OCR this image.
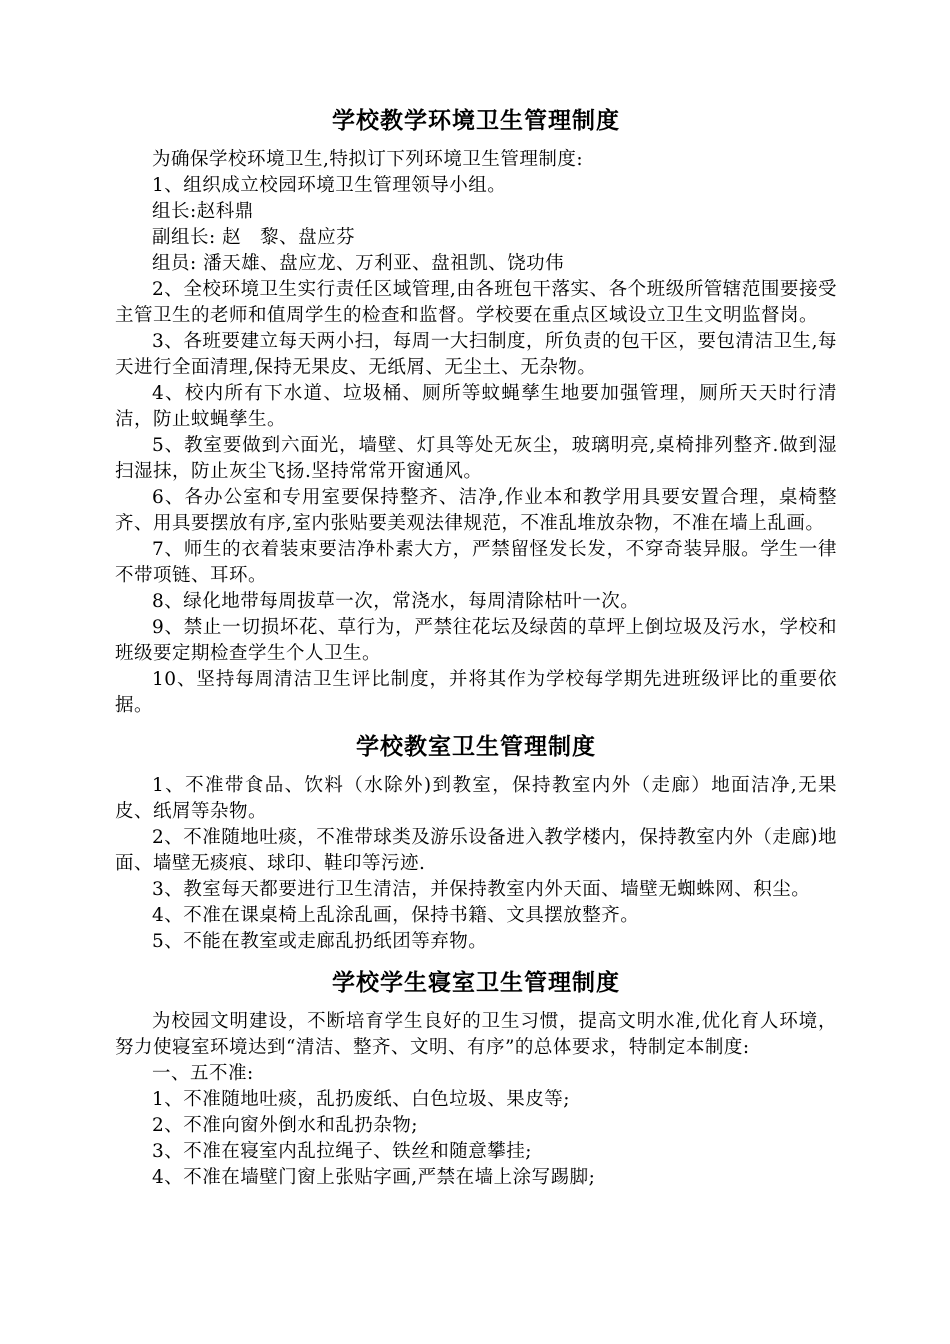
学校教学环境卫生管理制度

为确保学校环境卫生,特拟订下列环境卫生管理制度:

1、组织成立校园环境卫生管理领导小组。

组长:赵科鼎

副组长: 赵　黎、盘应芬

组员: 潘天雄、盘应龙、万利亚、盘祖凯、饶功伟

2、全校环境卫生实行责任区域管理,由各班包干落实、各个班级所管辖范围要接受主管卫生的老师和值周学生的检查和监督。学校要在重点区域设立卫生文明监督岗。

3、各班要建立每天两小扫，每周一大扫制度，所负责的包干区，要包清洁卫生,每天进行全面清理,保持无果皮、无纸屑、无尘土、无杂物。

4、校内所有下水道、垃圾桶、厕所等蚊蝇孳生地要加强管理，厕所天天时行清洁，防止蚊蝇孳生。

5、教室要做到六面光，墙壁、灯具等处无灰尘，玻璃明亮,桌椅排列整齐.做到湿扫湿抹，防止灰尘飞扬.坚持常常开窗通风。

6、各办公室和专用室要保持整齐、洁净,作业本和教学用具要安置合理，桌椅整齐、用具要摆放有序,室内张贴要美观法律规范，不准乱堆放杂物，不准在墙上乱画。

7、师生的衣着装束要洁净朴素大方，严禁留怪发长发，不穿奇装异服。学生一律不带项链、耳环。

8、绿化地带每周拔草一次，常浇水，每周清除枯叶一次。

9、禁止一切损坏花、草行为，严禁往花坛及绿茵的草坪上倒垃圾及污水，学校和班级要定期检查学生个人卫生。

10、坚持每周清洁卫生评比制度，并将其作为学校每学期先进班级评比的重要依据。

学校教室卫生管理制度

1、不准带食品、饮料（水除外)到教室，保持教室内外（走廊）地面洁净,无果皮、纸屑等杂物。

2、不准随地吐痰，不准带球类及游乐设备进入教学楼内，保持教室内外（走廊)地面、墙壁无痰痕、球印、鞋印等污迹.

3、教室每天都要进行卫生清洁，并保持教室内外天面、墙壁无蜘蛛网、积尘。

4、不准在课桌椅上乱涂乱画，保持书籍、文具摆放整齐。

5、不能在教室或走廊乱扔纸团等弃物。

学校学生寝室卫生管理制度

为校园文明建设，不断培育学生良好的卫生习惯，提高文明水准,优化育人环境，努力使寝室环境达到“清洁、整齐、文明、有序”的总体要求，特制定本制度:

一、五不准:

1、不准随地吐痰，乱扔废纸、白色垃圾、果皮等;

2、不准向窗外倒水和乱扔杂物;

3、不准在寝室内乱拉绳子、铁丝和随意攀挂;

4、不准在墙壁门窗上张贴字画,严禁在墙上涂写踢脚;
